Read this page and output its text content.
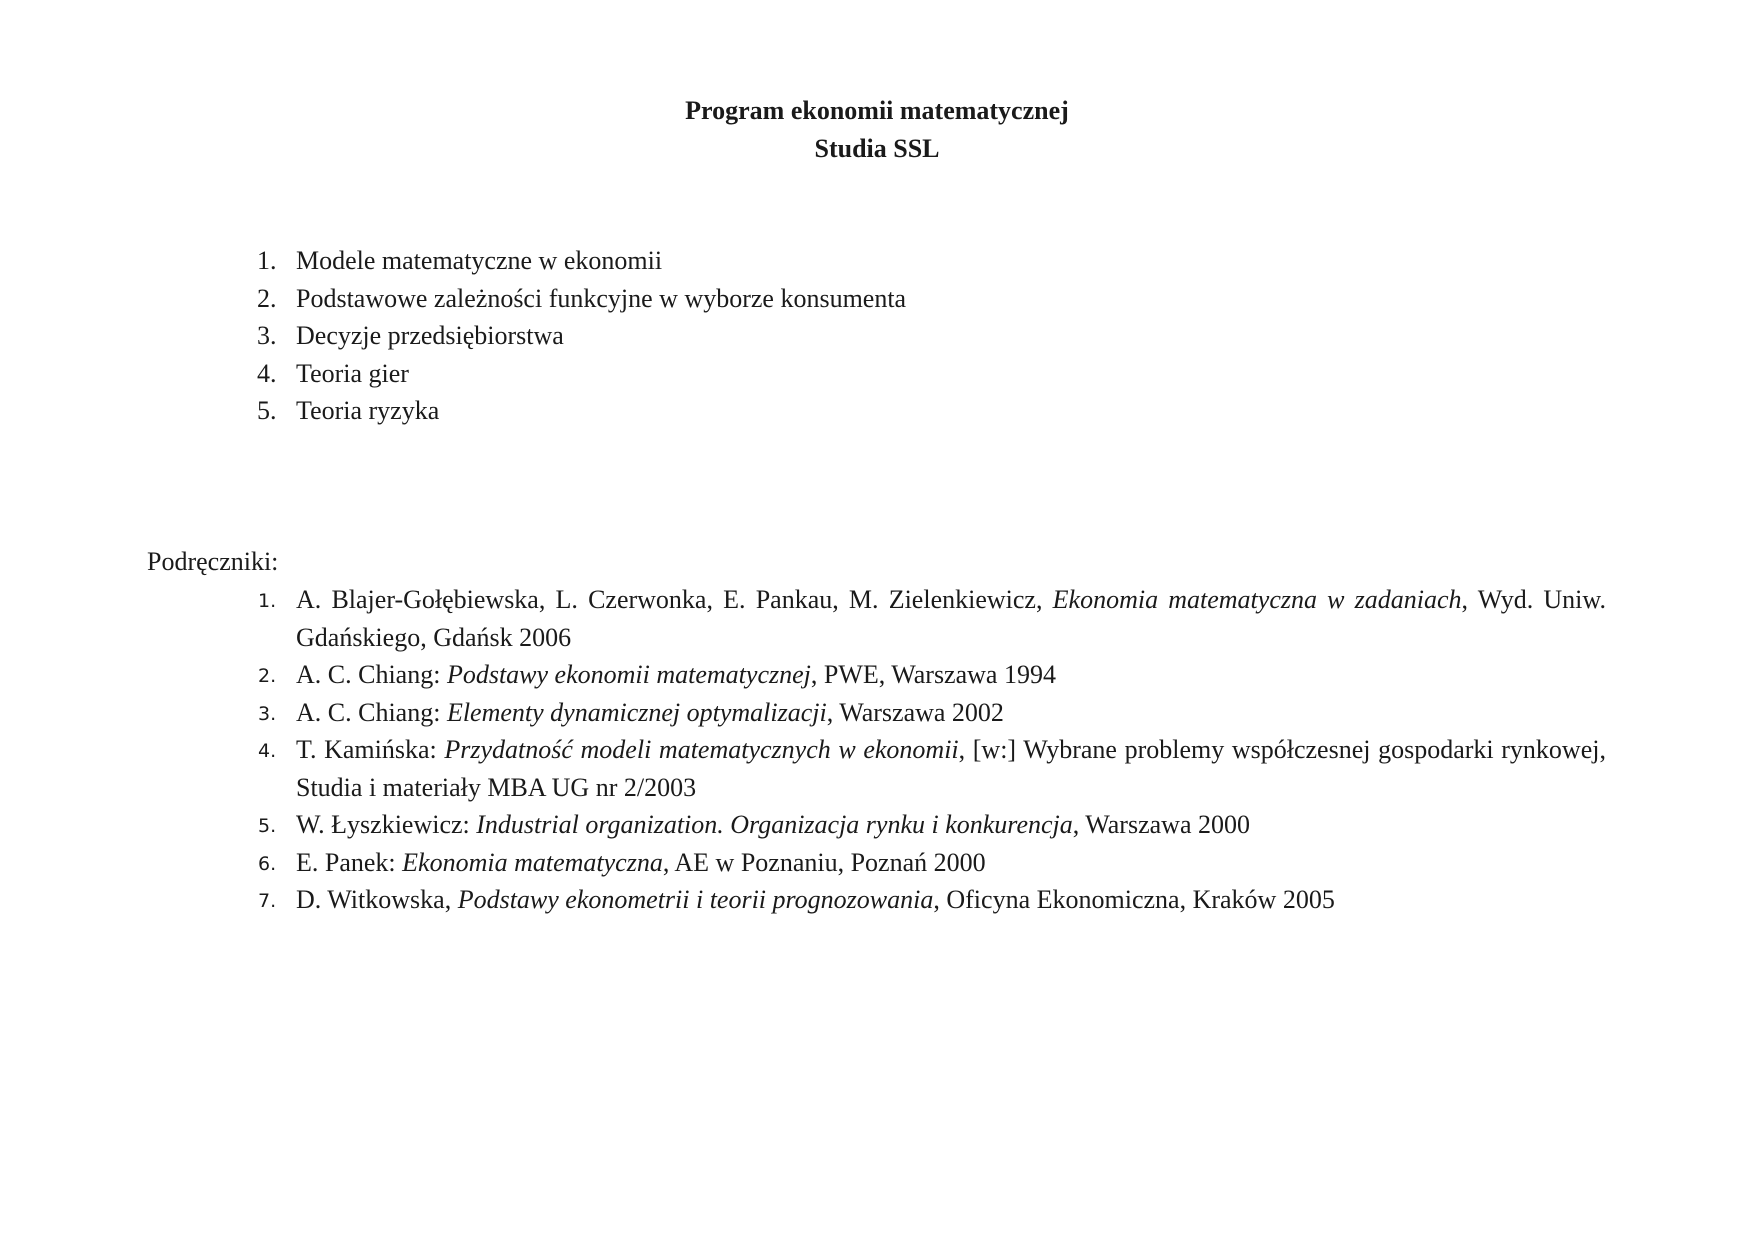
Program ekonomii matematycznej
Studia SSL
1. Modele matematyczne w ekonomii
2. Podstawowe zależności funkcyjne w wyborze konsumenta
3. Decyzje przedsiębiorstwa
4. Teoria gier
5. Teoria ryzyka
Podręczniki:
1. A. Blajer-Gołębiewska, L. Czerwonka, E. Pankau, M. Zielenkiewicz, Ekonomia matematyczna w zadaniach, Wyd. Uniw. Gdańskiego, Gdańsk 2006
2. A. C. Chiang: Podstawy ekonomii matematycznej, PWE, Warszawa 1994
3. A. C. Chiang: Elementy dynamicznej optymalizacji, Warszawa 2002
4. T. Kamińska: Przydatność modeli matematycznych w ekonomii, [w:] Wybrane problemy współczesnej gospodarki rynkowej, Studia i materiały MBA UG nr 2/2003
5. W. Łyszkiewicz: Industrial organization. Organizacja rynku i konkurencja, Warszawa 2000
6. E. Panek: Ekonomia matematyczna, AE w Poznaniu, Poznań 2000
7. D. Witkowska, Podstawy ekonometrii i teorii prognozowania, Oficyna Ekonomiczna, Kraków 2005
